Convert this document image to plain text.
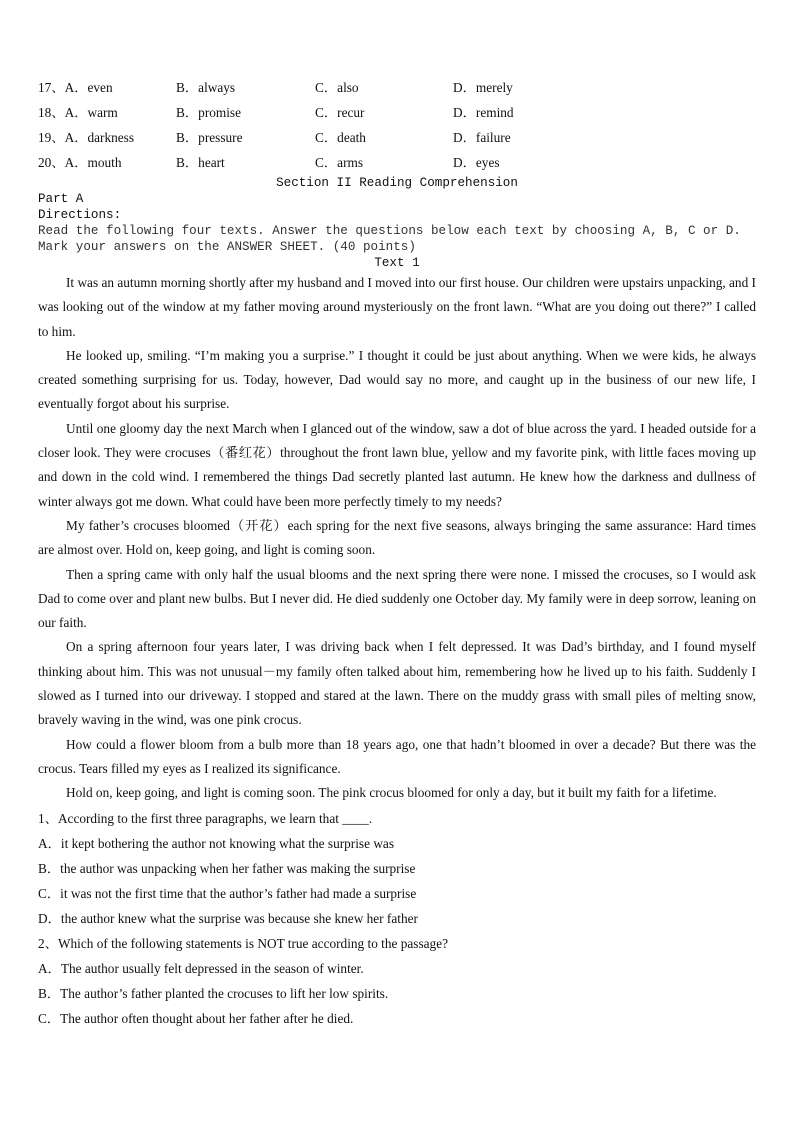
17、A．even	B．always	C．also	D．merely
18、A．warm	B．promise	C．recur	D．remind
19、A．darkness	B．pressure	C．death	D．failure
20、A．mouth	B．heart	C．arms	D．eyes
Section II Reading Comprehension
Part A
Directions:
Read the following four texts. Answer the questions below each text by choosing A, B, C or D. Mark your answers on the ANSWER SHEET. (40 points)
Text 1

It was an autumn morning shortly after my husband and I moved into our first house. Our children were upstairs unpacking, and I was looking out of the window at my father moving around mysteriously on the front lawn. “What are you doing out there?” I called to him.

He looked up, smiling. “I’m making you a surprise.” I thought it could be just about anything. When we were kids, he always created something surprising for us. Today, however, Dad would say no more, and caught up in the business of our new life, I eventually forgot about his surprise.

Until one gloomy day the next March when I glanced out of the window, saw a dot of blue across the yard. I headed outside for a closer look. They were crocuses（番红花）throughout the front lawn blue, yellow and my favorite pink, with little faces moving up and down in the cold wind. I remembered the things Dad secretly planted last autumn. He knew how the darkness and dullness of winter always got me down. What could have been more perfectly timely to my needs?

My father’s crocuses bloomed（开花）each spring for the next five seasons, always bringing the same assurance: Hard times are almost over. Hold on, keep going, and light is coming soon.

Then a spring came with only half the usual blooms and the next spring there were none. I missed the crocuses, so I would ask Dad to come over and plant new bulbs. But I never did. He died suddenly one October day. My family were in deep sorrow, leaning on our faith.

On a spring afternoon four years later, I was driving back when I felt depressed. It was Dad’s birthday, and I found myself thinking about him. This was not unusual－my family often talked about him, remembering how he lived up to his faith. Suddenly I slowed as I turned into our driveway. I stopped and stared at the lawn. There on the muddy grass with small piles of melting snow, bravely waving in the wind, was one pink crocus.

How could a flower bloom from a bulb more than 18 years ago, one that hadn’t bloomed in over a decade? But there was the crocus. Tears filled my eyes as I realized its significance.

Hold on, keep going, and light is coming soon. The pink crocus bloomed for only a day, but it built my faith for a lifetime.

1、According to the first three paragraphs, we learn that ____.

A．it kept bothering the author not knowing what the surprise was

B．the author was unpacking when her father was making the surprise

C．it was not the first time that the author’s father had made a surprise

D．the author knew what the surprise was because she knew her father

2、Which of the following statements is NOT true according to the passage?

A．The author usually felt depressed in the season of winter.

B．The author’s father planted the crocuses to lift her low spirits.

C．The author often thought about her father after he died.
